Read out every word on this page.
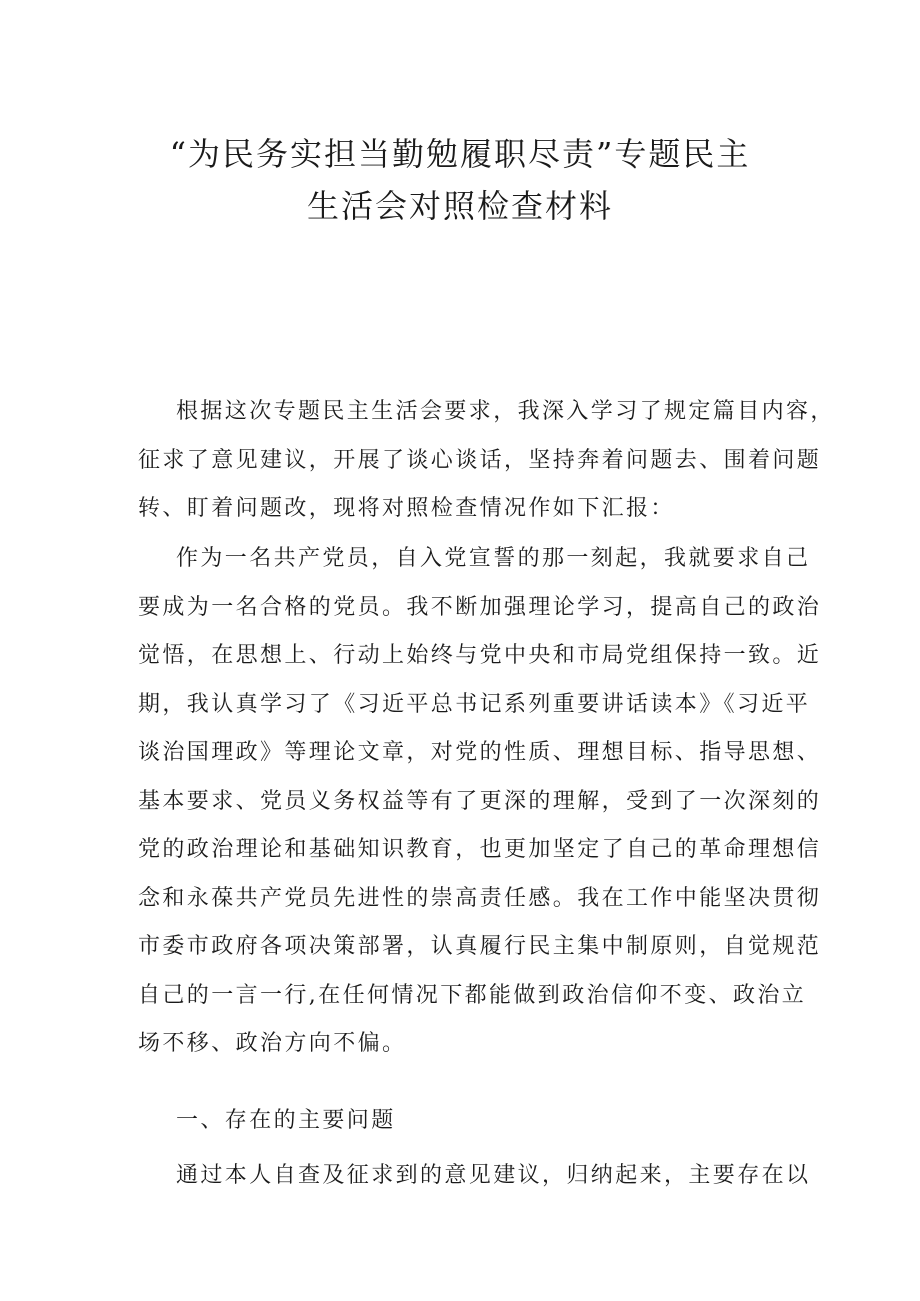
“为民务实担当勤勉履职尽责”专题民主
生活会对照检查材料
根据这次专题民主生活会要求，我深入学习了规定篇目内容，
征求了意见建议，开展了谈心谈话，坚持奔着问题去、围着问题
转、盯着问题改，现将对照检查情况作如下汇报：
作为一名共产党员，自入党宣誓的那一刻起，我就要求自己
要成为一名合格的党员。我不断加强理论学习，提高自己的政治
觉悟，在思想上、行动上始终与党中央和市局党组保持一致。近
期，我认真学习了《习近平总书记系列重要讲话读本》《习近平
谈治国理政》等理论文章，对党的性质、理想目标、指导思想、
基本要求、党员义务权益等有了更深的理解，受到了一次深刻的
党的政治理论和基础知识教育，也更加坚定了自己的革命理想信
念和永葆共产党员先进性的崇高责任感。我在工作中能坚决贯彻
市委市政府各项决策部署，认真履行民主集中制原则，自觉规范
自己的一言一行,在任何情况下都能做到政治信仰不变、政治立
场不移、政治方向不偏。
一、存在的主要问题
通过本人自查及征求到的意见建议，归纳起来，主要存在以
